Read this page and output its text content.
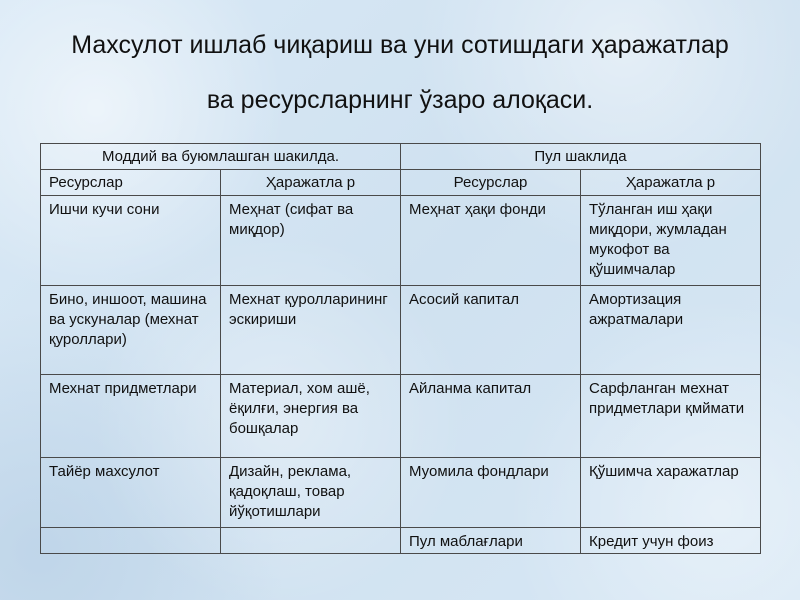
Махсулот ишлаб чиқариш ва уни сотишдаги ҳаражатлар
ва ресурсларнинг ўзаро алоқаси.
Моддий ва буюмлашган шакилда.		Пул шаклида	
Ресурслар	Ҳаражатла р	Ресурслар	Ҳаражатла р
Ишчи кучи сони	Меҳнат (сифат ва миқдор)	Меҳнат ҳақи фонди	Тўланган иш ҳақи миқдори, жумладан мукофот ва қўшимчалар
Бино, иншоот, машина ва ускуналар (мехнат қуроллари)	Мехнат қуролларининг эскириши	Асосий капитал	Амортизация ажратмалари
Мехнат придметлари	Материал, хом ашё, ёқилғи, энергия ва бошқалар	Айланма капитал	Сарфланган мехнат придметлари қмймати
Тайёр махсулот	Дизайн, реклама, қадоқлаш, товар йўқотишлари	Муомила фондлари	Қўшимча харажатлар
		Пул маблағлари	Кредит учун фоиз
